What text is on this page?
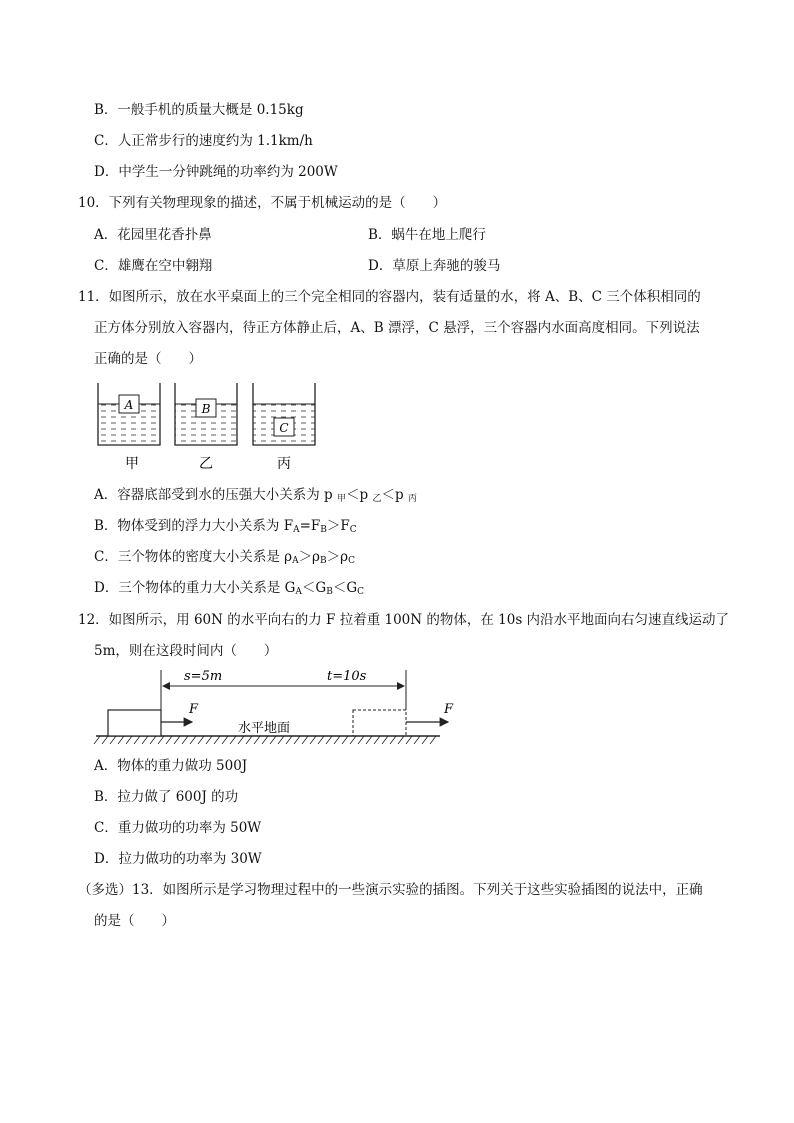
B．一般手机的质量大概是 0.15kg
C．人正常步行的速度约为 1.1km/h
D．中学生一分钟跳绳的功率约为 200W
10．下列有关物理现象的描述，不属于机械运动的是（　　）
A．花园里花香扑鼻	B．蜗牛在地上爬行
C．雄鹰在空中翱翔	D．草原上奔驰的骏马
11．如图所示，放在水平桌面上的三个完全相同的容器内，装有适量的水，将 A、B、C 三个体积相同的
正方体分别放入容器内，待正方体静止后，A、B 漂浮，C 悬浮，三个容器内水面高度相同。下列说法
正确的是（　　）
A
甲
B
乙
C
丙
A．容器底部受到水的压强大小关系为 p $_甲$＜p $_乙$＜p $_丙$
B．物体受到的浮力大小关系为 $F_A=F_B>F_C$
C．三个物体的密度大小关系是 $\rho_A>\rho_B>\rho_C$
D．三个物体的重力大小关系是 $G_A<G_B<G_C$
12．如图所示，用 60N 的水平向右的力 F 拉着重 100N 的物体，在 10s 内沿水平地面向右匀速直线运动了
5m，则在这段时间内（　　）
s=5m	t=10s
F
水平地面
F
A．物体的重力做功 500J
B．拉力做了 600J 的功
C．重力做功的功率为 50W
D．拉力做功的功率为 30W
（多选）13．如图所示是学习物理过程中的一些演示实验的插图。下列关于这些实验插图的说法中，正确
的是（　　）
